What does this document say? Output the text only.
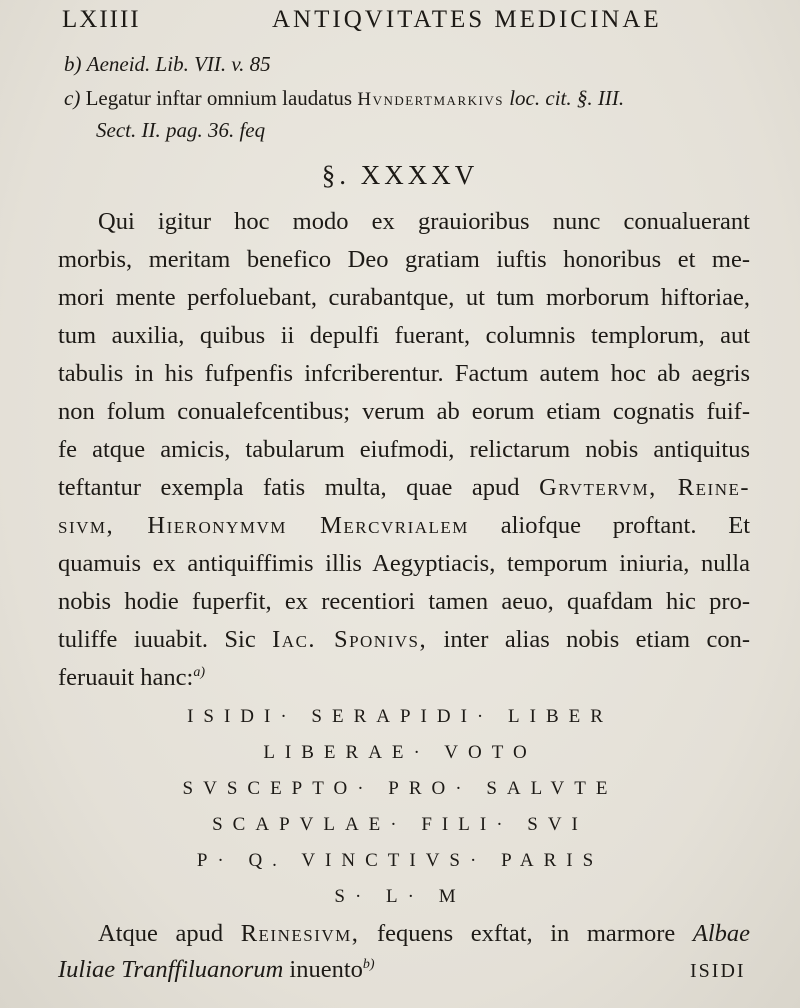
LXIIII	ANTIQVITATES MEDICINAE
b) Aeneid. Lib. VII. v. 85
c) Legatur inftar omnium laudatus Hvndertmarkivs loc. cit. §. III.
Sect. II. pag. 36. feq
§. XXXXV
Qui igitur hoc modo ex grauioribus nunc conualuerant
morbis, meritam benefico Deo gratiam iuftis honoribus et me-
mori mente perfoluebant, curabantque, ut tum morborum hiftoriae,
tum auxilia, quibus ii depulfi fuerant, columnis templorum, aut
tabulis in his fufpenfis infcriberentur. Factum autem hoc ab aegris
non folum conualefcentibus; verum ab eorum etiam cognatis fuif-
fe atque amicis, tabularum eiufmodi, relictarum nobis antiquitus
teftantur exempla fatis multa, quae apud Grvtervm, Reine-
sivm, Hieronymvm Mercvrialem aliofque proftant. Et
quamuis ex antiquiffimis illis Aegyptiacis, temporum iniuria, nulla
nobis hodie fuperfit, ex recentiori tamen aeuo, quafdam hic pro-
tuliffe iuuabit. Sic Iac. Sponivs, inter alias nobis etiam con-
feruauit hanc:$^{a)}$
ISIDI· SERAPIDI· LIBER
LIBERAE· VOTO
SVSCEPTO· PRO· SALVTE
SCAPVLAE· FILI· SVI
P· Q. VINCTIVS· PARIS
S· L· M
Atque apud Reinesivm, fequens exftat, in marmore Albae
Iuliae Tranffiluanorum inuento$^{b)}$	ISIDI
